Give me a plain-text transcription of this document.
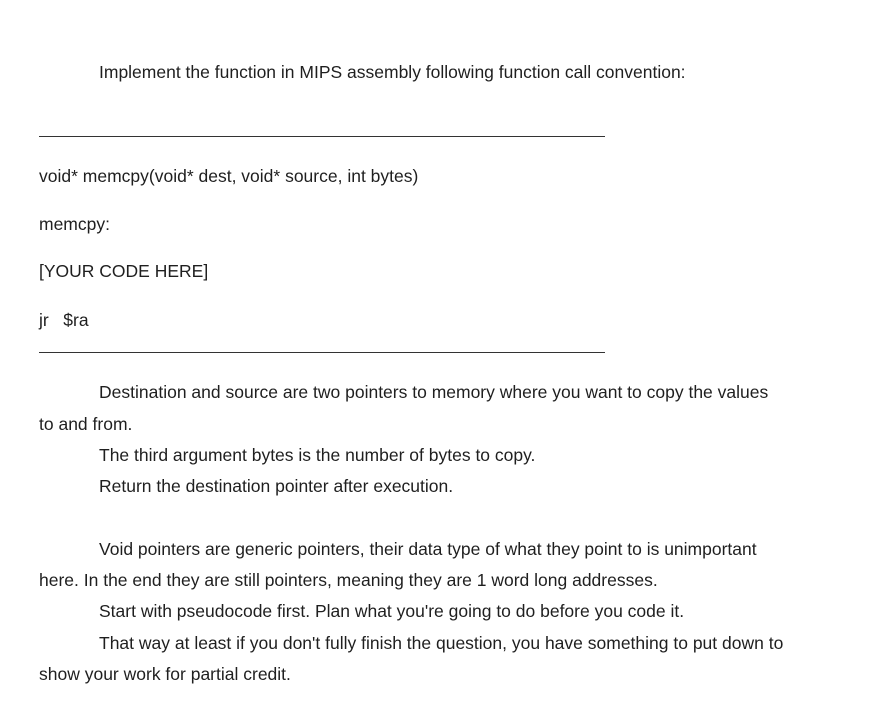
Implement the function in MIPS assembly following function call convention:
void* memcpy(void* dest, void* source, int bytes)
memcpy:
[YOUR CODE HERE]
jr   $ra
Destination and source are two pointers to memory where you want to copy the values
to and from.
The third argument bytes is the number of bytes to copy.
Return the destination pointer after execution.
Void pointers are generic pointers, their data type of what they point to is unimportant
here. In the end they are still pointers, meaning they are 1 word long addresses.
Start with pseudocode first. Plan what you're going to do before you code it.
That way at least if you don't fully finish the question, you have something to put down to
show your work for partial credit.
